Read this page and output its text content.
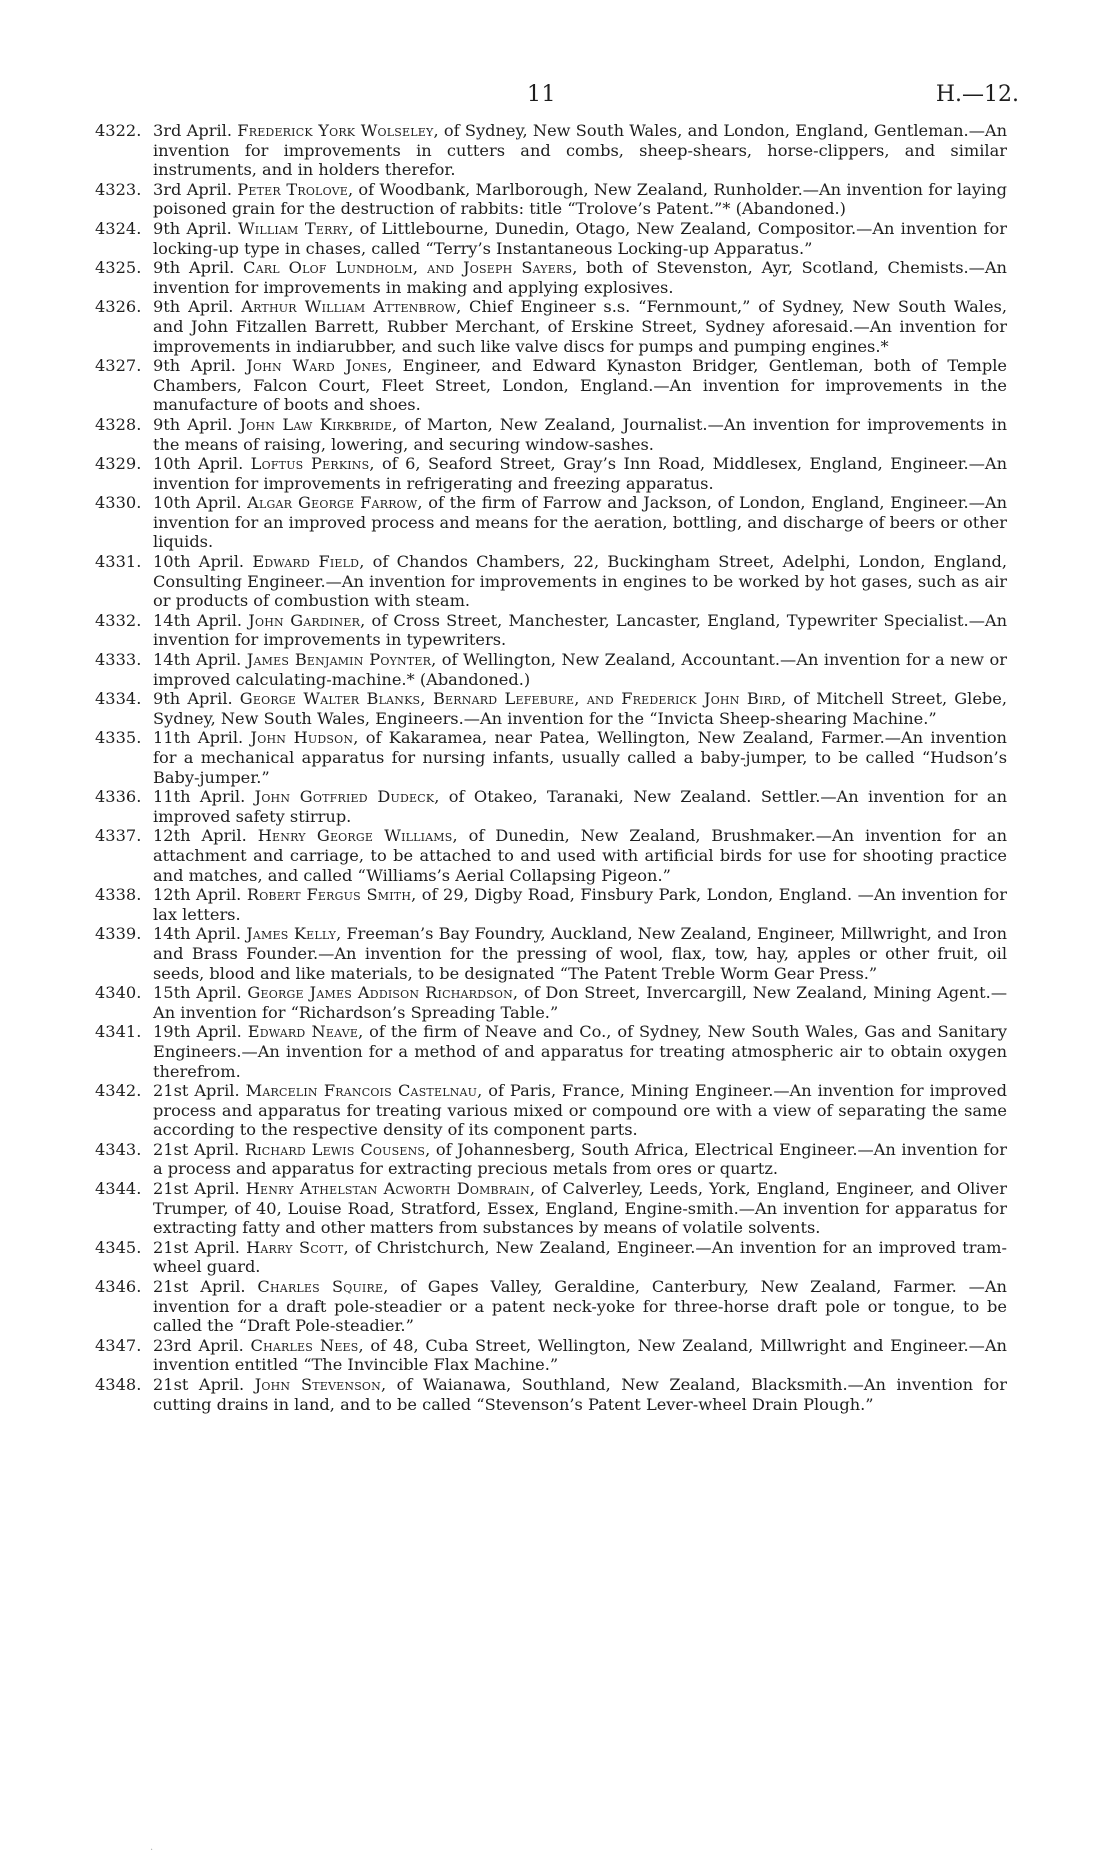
11	H.—12.

4322. 3rd April. Frederick York Wolseley, of Sydney, New South Wales, and London, England, Gentleman.—An invention for improvements in cutters and combs, sheep-shears, horse-clippers, and similar instruments, and in holders therefor.

4323. 3rd April. Peter Trolove, of Woodbank, Marlborough, New Zealand, Runholder.—An invention for laying poisoned grain for the destruction of rabbits: title “Trolove’s Patent.”* (Abandoned.)

4324. 9th April. William Terry, of Littlebourne, Dunedin, Otago, New Zealand, Compositor.—An invention for locking-up type in chases, called “Terry’s Instantaneous Locking-up Apparatus.”

4325. 9th April. Carl Olof Lundholm, and Joseph Sayers, both of Stevenston, Ayr, Scotland, Chemists.—An invention for improvements in making and applying explosives.

4326. 9th April. Arthur William Attenbrow, Chief Engineer s.s. “Fernmount,” of Sydney, New South Wales, and John Fitzallen Barrett, Rubber Merchant, of Erskine Street, Sydney aforesaid.—An invention for improvements in indiarubber, and such like valve discs for pumps and pumping engines.*

4327. 9th April. John Ward Jones, Engineer, and Edward Kynaston Bridger, Gentleman, both of Temple Chambers, Falcon Court, Fleet Street, London, England.—An invention for improvements in the manufacture of boots and shoes.

4328. 9th April. John Law Kirkbride, of Marton, New Zealand, Journalist.—An invention for improvements in the means of raising, lowering, and securing window-sashes.

4329. 10th April. Loftus Perkins, of 6, Seaford Street, Gray’s Inn Road, Middlesex, England, Engineer.—An invention for improvements in refrigerating and freezing apparatus.

4330. 10th April. Algar George Farrow, of the firm of Farrow and Jackson, of London, England, Engineer.—An invention for an improved process and means for the aeration, bottling, and discharge of beers or other liquids.

4331. 10th April. Edward Field, of Chandos Chambers, 22, Buckingham Street, Adelphi, London, England, Consulting Engineer.—An invention for improvements in engines to be worked by hot gases, such as air or products of combustion with steam.

4332. 14th April. John Gardiner, of Cross Street, Manchester, Lancaster, England, Typewriter Specialist.—An invention for improvements in typewriters.

4333. 14th April. James Benjamin Poynter, of Wellington, New Zealand, Accountant.—An invention for a new or improved calculating-machine.* (Abandoned.)

4334. 9th April. George Walter Blanks, Bernard Lefebure, and Frederick John Bird, of Mitchell Street, Glebe, Sydney, New South Wales, Engineers.—An invention for the “Invicta Sheep-shearing Machine.”

4335. 11th April. John Hudson, of Kakaramea, near Patea, Wellington, New Zealand, Farmer.—An invention for a mechanical apparatus for nursing infants, usually called a baby-jumper, to be called “Hudson’s Baby-jumper.”

4336. 11th April. John Gotfried Dudeck, of Otakeo, Taranaki, New Zealand. Settler.—An invention for an improved safety stirrup.

4337. 12th April. Henry George Williams, of Dunedin, New Zealand, Brushmaker.—An invention for an attachment and carriage, to be attached to and used with artificial birds for use for shooting practice and matches, and called “Williams’s Aerial Collapsing Pigeon.”

4338. 12th April. Robert Fergus Smith, of 29, Digby Road, Finsbury Park, London, England. —An invention for lax letters.

4339. 14th April. James Kelly, Freeman’s Bay Foundry, Auckland, New Zealand, Engineer, Millwright, and Iron and Brass Founder.—An invention for the pressing of wool, flax, tow, hay, apples or other fruit, oil seeds, blood and like materials, to be designated “The Patent Treble Worm Gear Press.”

4340. 15th April. George James Addison Richardson, of Don Street, Invercargill, New Zealand, Mining Agent.—An invention for “Richardson’s Spreading Table.”

4341. 19th April. Edward Neave, of the firm of Neave and Co., of Sydney, New South Wales, Gas and Sanitary Engineers.—An invention for a method of and apparatus for treating atmospheric air to obtain oxygen therefrom.

4342. 21st April. Marcelin Francois Castelnau, of Paris, France, Mining Engineer.—An invention for improved process and apparatus for treating various mixed or compound ore with a view of separating the same according to the respective density of its component parts.

4343. 21st April. Richard Lewis Cousens, of Johannesberg, South Africa, Electrical Engineer.—An invention for a process and apparatus for extracting precious metals from ores or quartz.

4344. 21st April. Henry Athelstan Acworth Dombrain, of Calverley, Leeds, York, England, Engineer, and Oliver Trumper, of 40, Louise Road, Stratford, Essex, England, Engine-smith.—An invention for apparatus for extracting fatty and other matters from substances by means of volatile solvents.

4345. 21st April. Harry Scott, of Christchurch, New Zealand, Engineer.—An invention for an improved tram-wheel guard.

4346. 21st April. Charles Squire, of Gapes Valley, Geraldine, Canterbury, New Zealand, Farmer. —An invention for a draft pole-steadier or a patent neck-yoke for three-horse draft pole or tongue, to be called the “Draft Pole-steadier.”

4347. 23rd April. Charles Nees, of 48, Cuba Street, Wellington, New Zealand, Millwright and Engineer.—An invention entitled “The Invincible Flax Machine.”

4348. 21st April. John Stevenson, of Waianawa, Southland, New Zealand, Blacksmith.—An invention for cutting drains in land, and to be called “Stevenson’s Patent Lever-wheel Drain Plough.”

·
